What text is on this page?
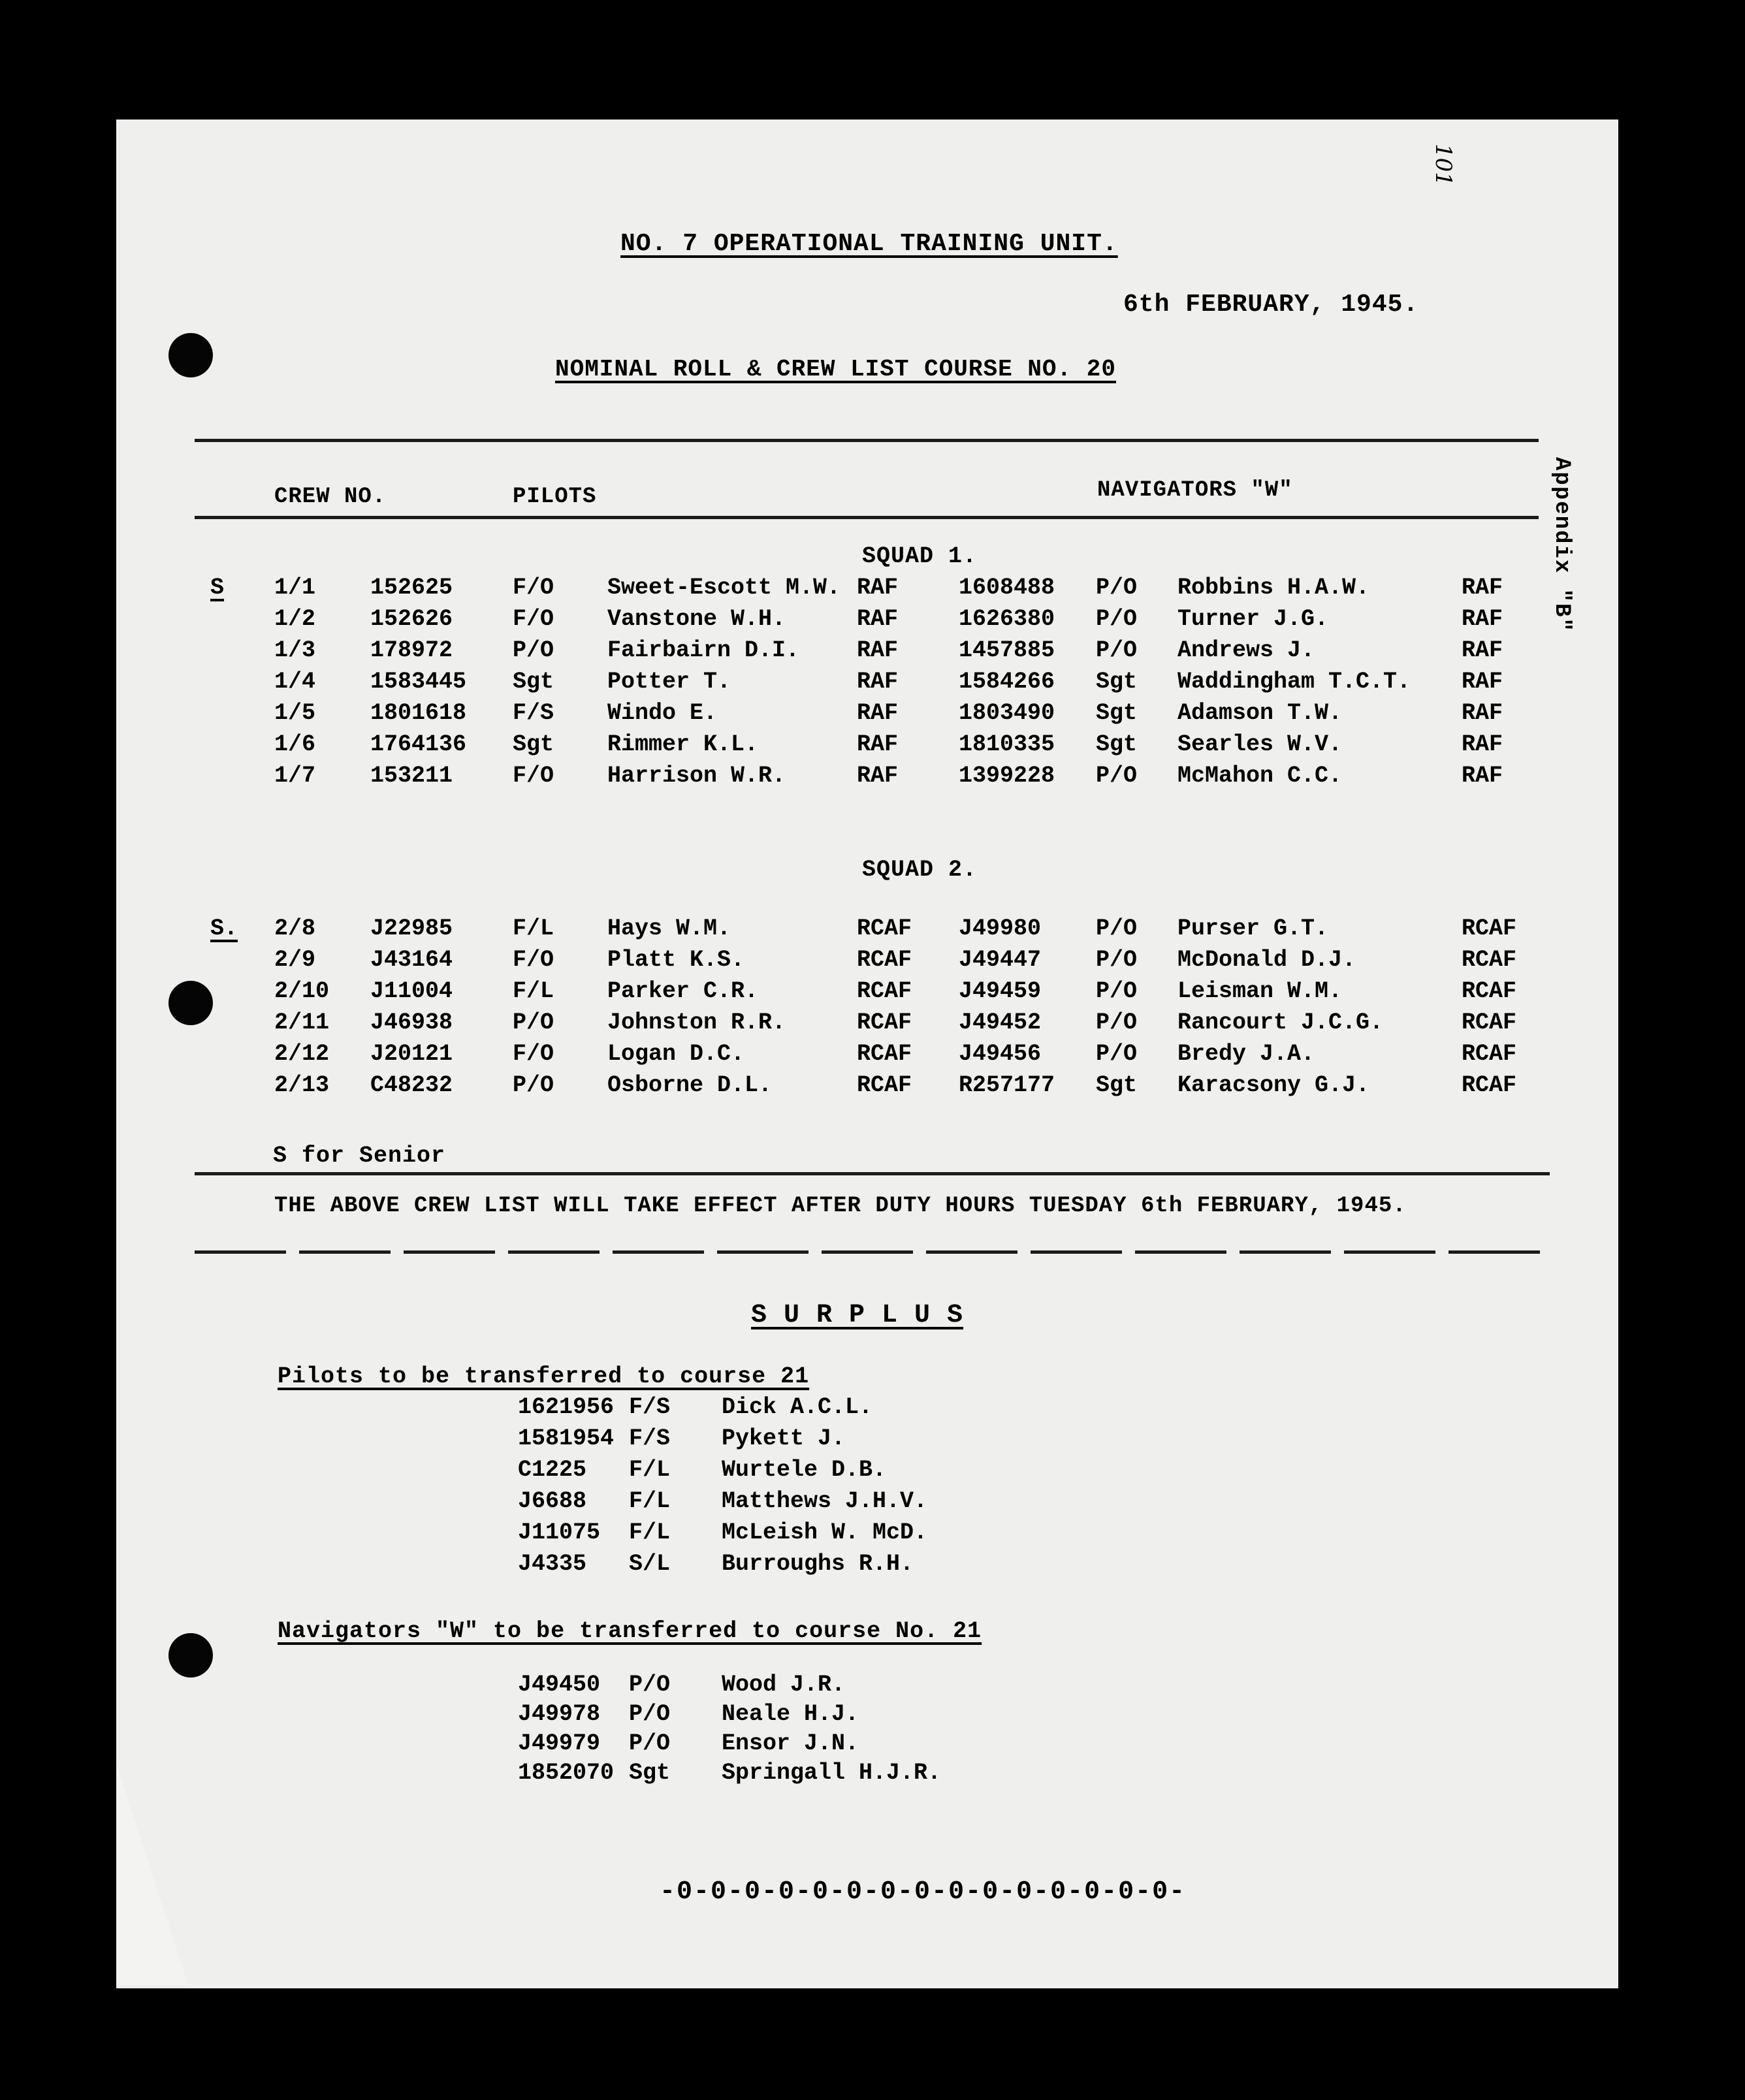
101
Appendix "B"
NO. 7 OPERATIONAL TRAINING UNIT.
6th FEBRUARY, 1945.
NOMINAL ROLL & CREW LIST COURSE NO. 20
CREW NO.	PILOTS	NAVIGATORS "W"
SQUAD 1.
S 1/1 152625	F/O Sweet-Escott M.W. RAF	1608488 P/O Robbins H.A.W.	RAF
1/2 152626	F/O Vanstone W.H.	RAF	1626380 P/O Turner J.G.	RAF
1/3 178972	P/O Fairbairn D.I.	RAF	1457885 P/O Andrews J.	RAF
1/4 1583445 Sgt Potter T.	RAF	1584266 Sgt Waddingham T.C.T. RAF
1/5 1801618 F/S Windo E.	RAF	1803490 Sgt Adamson T.W.	RAF
1/6 1764136 Sgt Rimmer K.L.	RAF	1810335 Sgt Searles W.V.	RAF
1/7 153211	F/O Harrison W.R.	RAF	1399228 P/O McMahon C.C.	RAF
SQUAD 2.
S. 2/8 J22985	F/L Hays W.M.	RCAF J49980 P/O Purser G.T.	RCAF
2/9 J43164	F/O Platt K.S.	RCAF J49447 P/O McDonald D.J.	RCAF
2/10 J11004	F/L Parker C.R.	RCAF J49459 P/O Leisman W.M.	RCAF
2/11 J46938	P/O Johnston R.R.	RCAF J49452 P/O Rancourt J.C.G.	RCAF
2/12 J20121	F/O Logan D.C.	RCAF J49456 P/O Bredy J.A.	RCAF
2/13 C48232	P/O Osborne D.L.	RCAF R257177 Sgt Karacsony G.J.	RCAF
S for Senior
THE ABOVE CREW LIST WILL TAKE EFFECT AFTER DUTY HOURS TUESDAY 6th FEBRUARY, 1945.
S U R P L U S
Pilots to be transferred to course 21
1621956 F/S Dick A.C.L.
1581954 F/S Pykett J.
C1225 F/L Wurtele D.B.
J6688 F/L Matthews J.H.V.
J11075 F/L McLeish W. McD.
J4335 S/L Burroughs R.H.
Navigators "W" to be transferred to course No. 21
J49450 P/O Wood J.R.
J49978 P/O Neale H.J.
J49979 P/O Ensor J.N.
1852070 Sgt Springall H.J.R.
-0-0-0-0-0-0-0-0-0-0-0-0-0-0-0-
